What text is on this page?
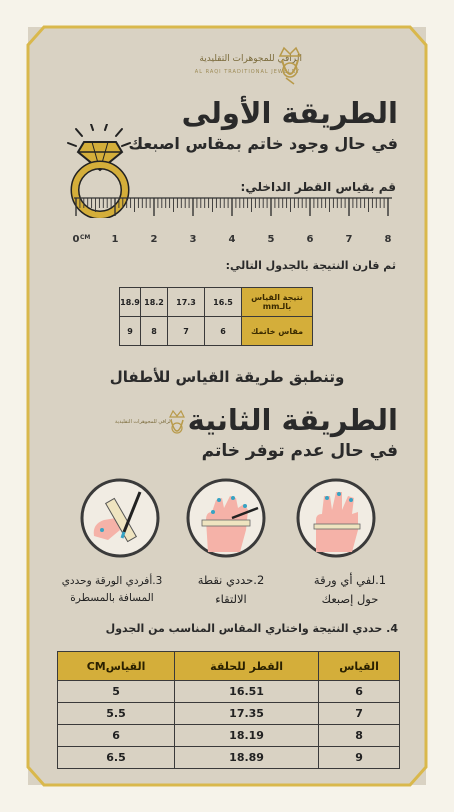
الراقي للمجوهرات التقليدية
AL RAQI TRADITIONAL JEWELRY
الطريقة الأولى
في حال وجود خاتم بمقاس اصبعك
قم بقياس القطر الداخلي:
0	1	2	3	4	5	6	7	8
CM
ثم قارن النتيجة بالجدول التالي:
18.9	18.2	17.3	16.5	نتيجة القياس بالـmm
9	8	7	6	مقاس خاتمك
وتنطبق طريقة القياس للأطفال
الراقي للمجوهرات التقليدية الطريقة الثانية
في حال عدم توفر خاتم
1.لفي أي ورقة
حول إصبعك
2.حددي نقطة
الالتقاء
3.أفردي الورقة وحددي
المسافة بالمسطرة
4. حددي النتيجة واختاري المقاس المناسب من الجدول
القياس	القطر للحلقة	القياسCM
6	16.51	5
7	17.35	5.5
8	18.19	6
9	18.89	6.5
